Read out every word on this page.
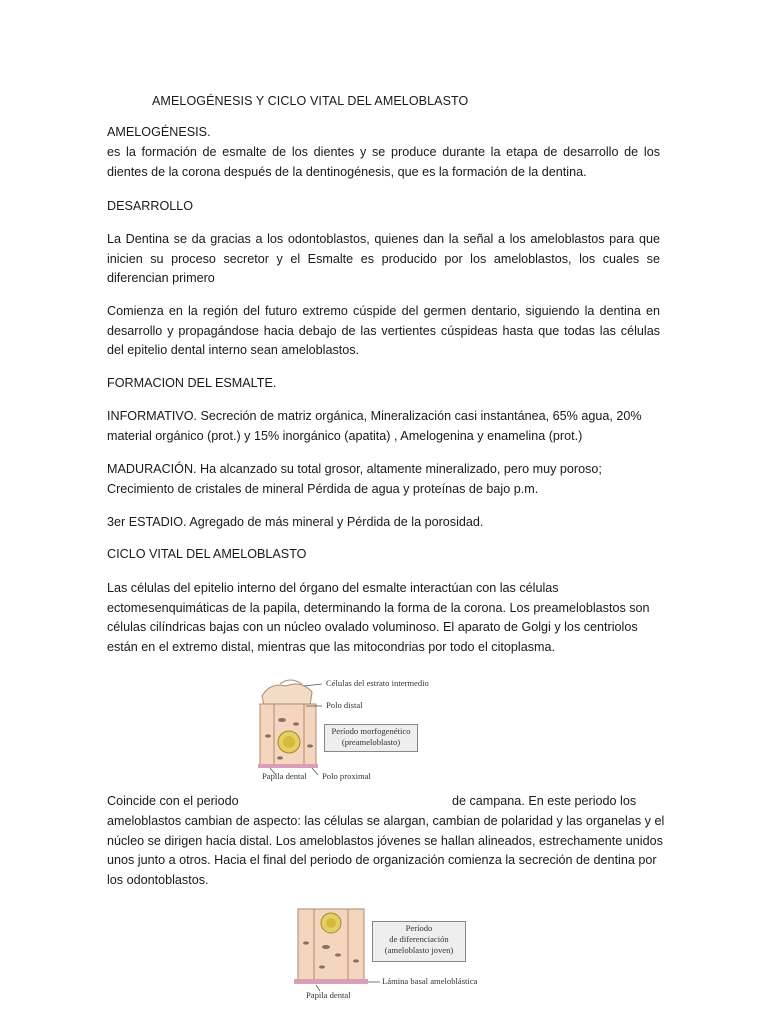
AMELOGÉNESIS Y CICLO VITAL DEL AMELOBLASTO
AMELOGÉNESIS.
es la formación de esmalte de los dientes y se produce durante la etapa de desarrollo de los dientes de la corona después de la dentinogénesis, que es la formación de la dentina.
DESARROLLO
La Dentina se da gracias a los odontoblastos, quienes dan la señal a los ameloblastos para que inicien su proceso secretor y el Esmalte es producido por los ameloblastos, los cuales se diferencian primero
Comienza en la región del futuro extremo cúspide del germen dentario, siguiendo la dentina en desarrollo y propagándose hacia debajo de las vertientes cúspideas hasta que todas las células del epitelio dental interno sean ameloblastos.
FORMACION DEL ESMALTE.
INFORMATIVO. Secreción de matriz orgánica, Mineralización casi instantánea, 65% agua, 20%
material orgánico (prot.) y 15% inorgánico (apatita) , Amelogenina y enamelina (prot.)
MADURACIÓN. Ha alcanzado su total grosor, altamente mineralizado, pero muy poroso;
Crecimiento de cristales de mineral Pérdida de agua y proteínas de bajo p.m.
3er ESTADIO. Agregado de más mineral y Pérdida de la porosidad.
CICLO VITAL DEL AMELOBLASTO
Las células del epitelio interno del órgano del esmalte interactúan con las células
ectomesenquimáticas de la papila, determinando la forma de la corona. Los preameloblastos son
células cilíndricas bajas con un núcleo ovalado voluminoso. El aparato de Golgi y los centriolos
están en el extremo distal, mientras que las mitocondrias por todo el citoplasma.
Células del estrato intermedio
Polo distal
Período morfogenético
(preameloblasto)
Papila dental Polo proximal
Coincide con el periodo	de campana. En este periodo los
ameloblastos cambian de aspecto: las células se alargan, cambian de polaridad y las organelas y el
núcleo se dirigen hacia distal. Los ameloblastos jóvenes se hallan alineados, estrechamente unidos
unos junto a otros. Hacia el final del periodo de organización comienza la secreción de dentina por
los odontoblastos.
Período
de diferenciación
(ameloblasto joven)
Lámina basal ameloblástica
Papila dental
